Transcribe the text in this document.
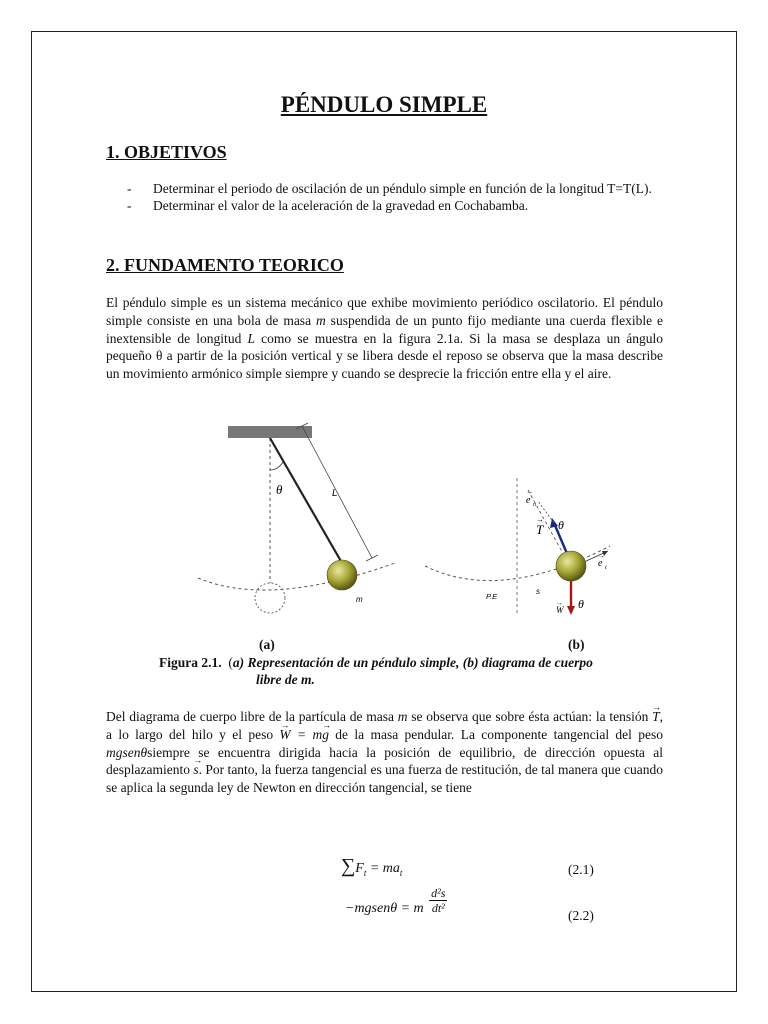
PÉNDULO SIMPLE
1. OBJETIVOS
- Determinar el periodo de oscilación de un péndulo simple en función de la longitud T=T(L).
- Determinar el valor de la aceleración de la gravedad en Cochabamba.
2. FUNDAMENTO TEORICO
El péndulo simple es un sistema mecánico que exhibe movimiento periódico oscilatorio. El péndulo simple consiste en una bola de masa m suspendida de un punto fijo mediante una cuerda flexible e inextensible de longitud L como se muestra en la figura 2.1a. Si la masa se desplaza un ángulo pequeño θ a partir de la posición vertical y se libera desde el reposo se observa que la masa describe un movimiento armónico simple siempre y cuando se desprecie la fricción entre ella y el aire.
θ	L
m	P.E
s
e n
→
T
→ θ
e t
→
W
→ θ
(a)	(b)
Figura 2.1. (a) Representación de un péndulo simple, (b) diagrama de cuerpo
libre de m.
Del diagrama de cuerpo libre de la partícula de masa m se observa que sobre ésta actúan: la tensión → T, a lo largo del hilo y el peso → W = m→ g de la masa pendular. La componente tangencial del peso mgsenθsiempre se encuentra dirigida hacia la posición de equilibrio, de dirección opuesta al desplazamiento → s. Por tanto, la fuerza tangencial es una fuerza de restitución, de tal manera que cuando se aplica la segunda ley de Newton en dirección tangencial, se tiene
$\sum F_t = ma_t$	(2.1)
−mgsenθ = m $\frac{\text{d²s}}{\text{dt²}}$
(2.2)
